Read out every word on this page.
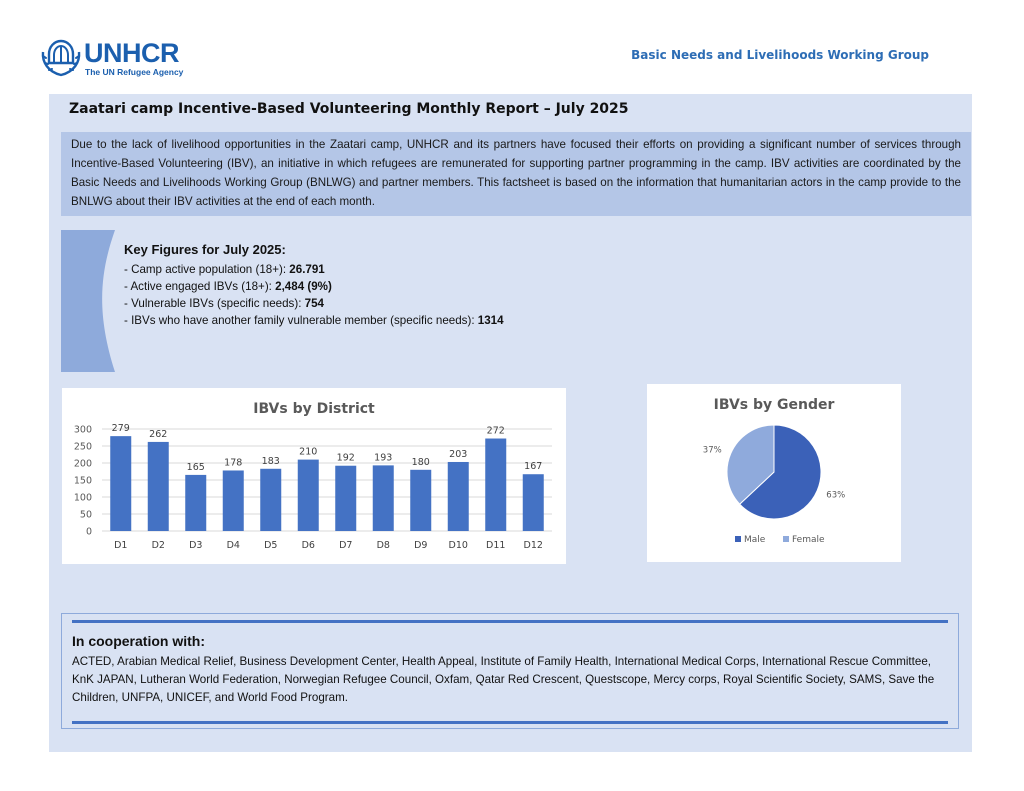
UNHCR
The UN Refugee Agency
Basic Needs and Livelihoods Working Group
Zaatari camp Incentive-Based Volunteering Monthly Report – July 2025
Due to the lack of livelihood opportunities in the Zaatari camp, UNHCR and its partners have focused their efforts on providing a significant number of services through Incentive-Based Volunteering (IBV), an initiative in which refugees are remunerated for supporting partner programming in the camp. IBV activities are coordinated by the Basic Needs and Livelihoods Working Group (BNLWG) and partner members. This factsheet is based on the information that humanitarian actors in the camp provide to the BNLWG about their IBV activities at the end of each month.
Key Figures for July 2025:
- Camp active population (18+): 26.791
- Active engaged IBVs (18+): 2,484 (9%)
- Vulnerable IBVs (specific needs): 754
- IBVs who have another family vulnerable member (specific needs): 1314
IBVs by District
0
50
100
150
200
250
300 279
D1
262
D2
165
D3
178
D4
183
D5
210
D6
192
D7
193
D8
180
D9
203
D10
272
D11
167
D12
IBVs by Gender
63%
37%
Male	Female
In cooperation with:
ACTED, Arabian Medical Relief, Business Development Center, Health Appeal, Institute of Family Health, International Medical Corps, International Rescue Committee, KnK JAPAN, Lutheran World Federation, Norwegian Refugee Council, Oxfam, Qatar Red Crescent, Questscope, Mercy corps, Royal Scientific Society, SAMS, Save the Children, UNFPA, UNICEF, and World Food Program.
